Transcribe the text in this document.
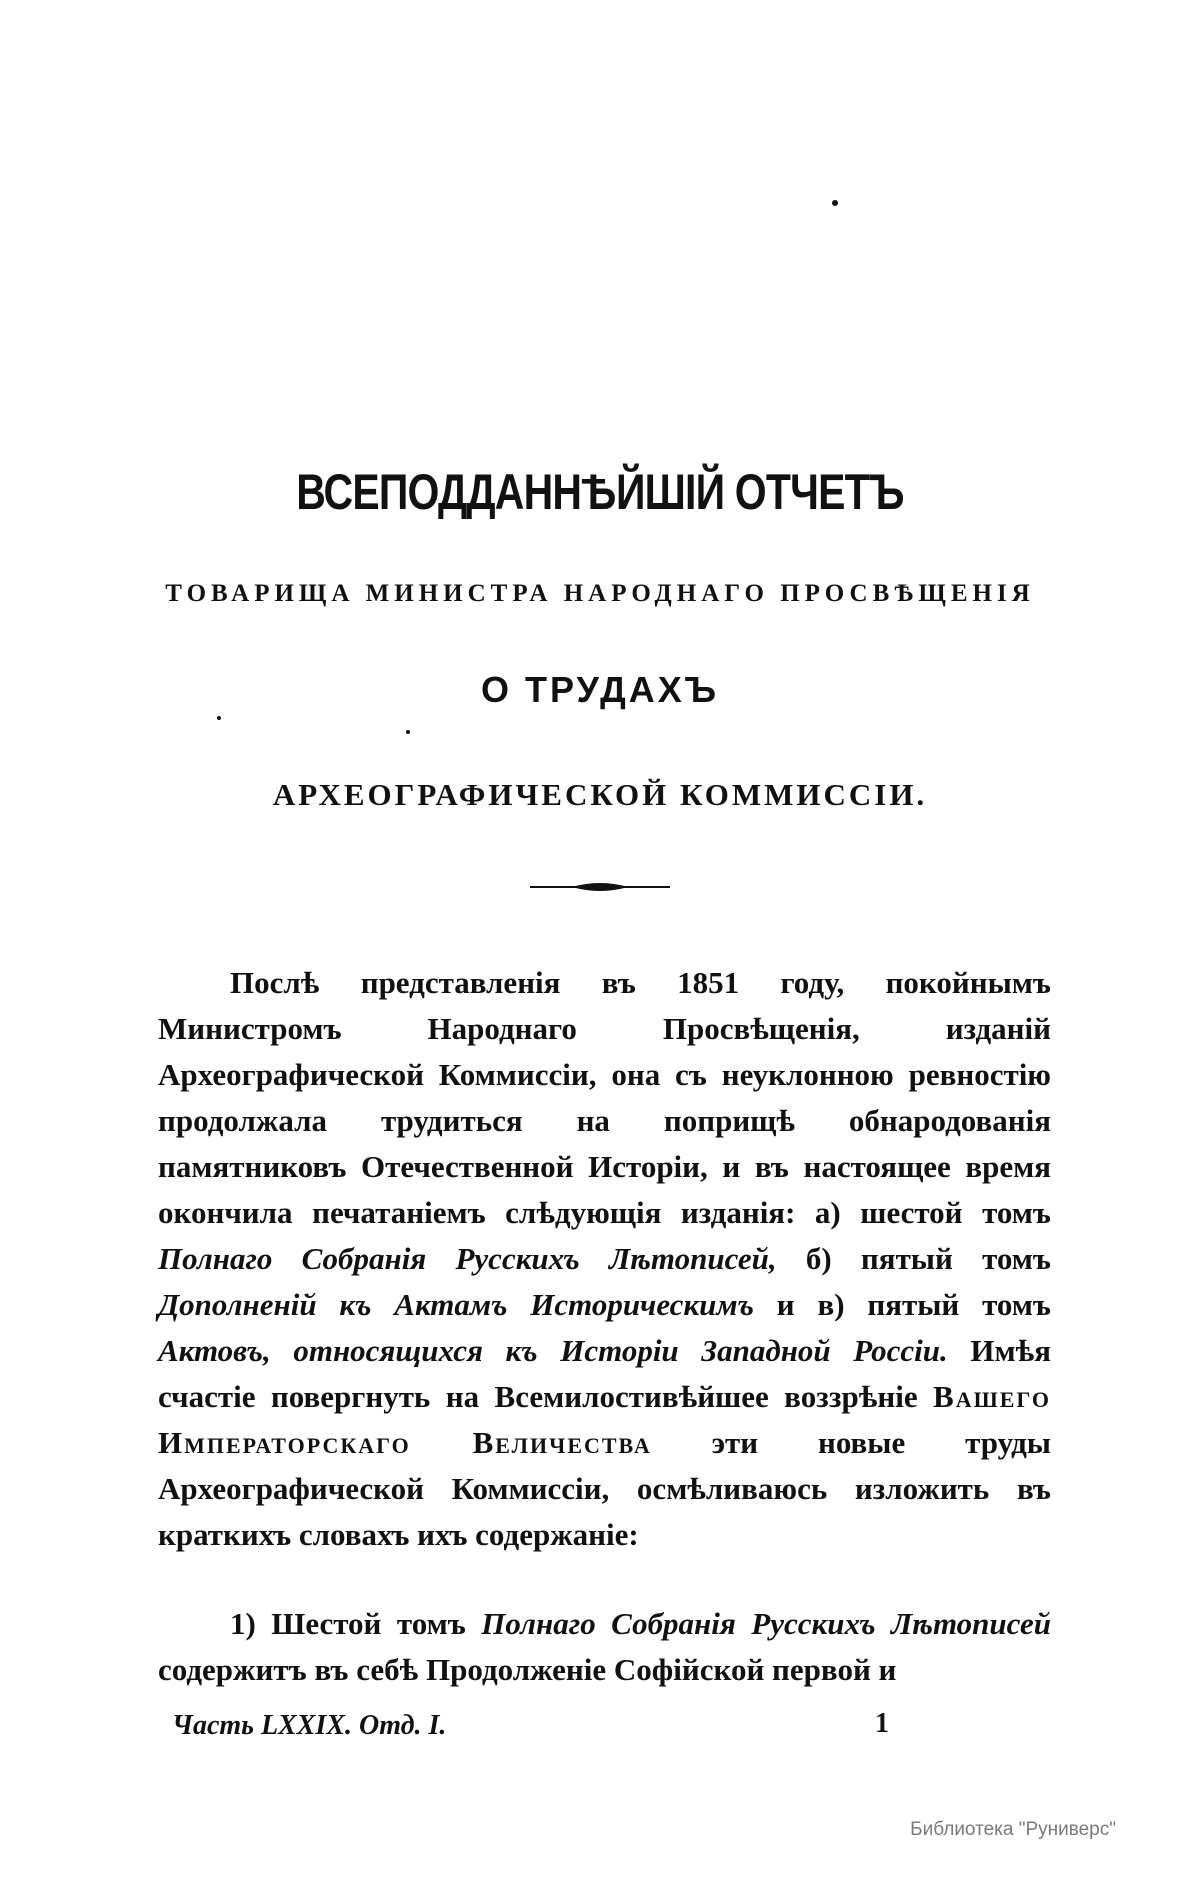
ВСЕПОДДАННѢЙШІЙ ОТЧЕТЪ
ТОВАРИЩА МИНИСТРА НАРОДНАГО ПРОСВѢЩЕНІЯ
О ТРУДАХЪ
АРХЕОГРАФИЧЕСКОЙ КОММИССІИ.

Послѣ представленія въ 1851 году, покойнымъ Министромъ Народнаго Просвѣщенія, изданій Археографической Коммиссіи, она съ неуклонною ревностію продолжала трудиться на поприщѣ обнародованія памятниковъ Отечественной Исторіи, и въ настоящее время окончила печатаніемъ слѣдующія изданія: а) шестой томъ Полнаго Собранія Русскихъ Лѣтописей, б) пятый томъ Дополненій къ Актамъ Историческимъ и в) пятый томъ Актовъ, относящихся къ Исторіи Западной Россіи. Имѣя счастіе повергнуть на Всемилостивѣйшее воззрѣніе Вашего Императорскаго Величества эти новые труды Археографической Коммиссіи, осмѣливаюсь изложить въ краткихъ словахъ ихъ содержаніе:

1) Шестой томъ Полнаго Собранія Русскихъ Лѣтописей содержитъ въ себѣ Продолженіе Софійской первой и

Часть LXXIX. Отд. I.	1
Библиотека "Руниверс"
